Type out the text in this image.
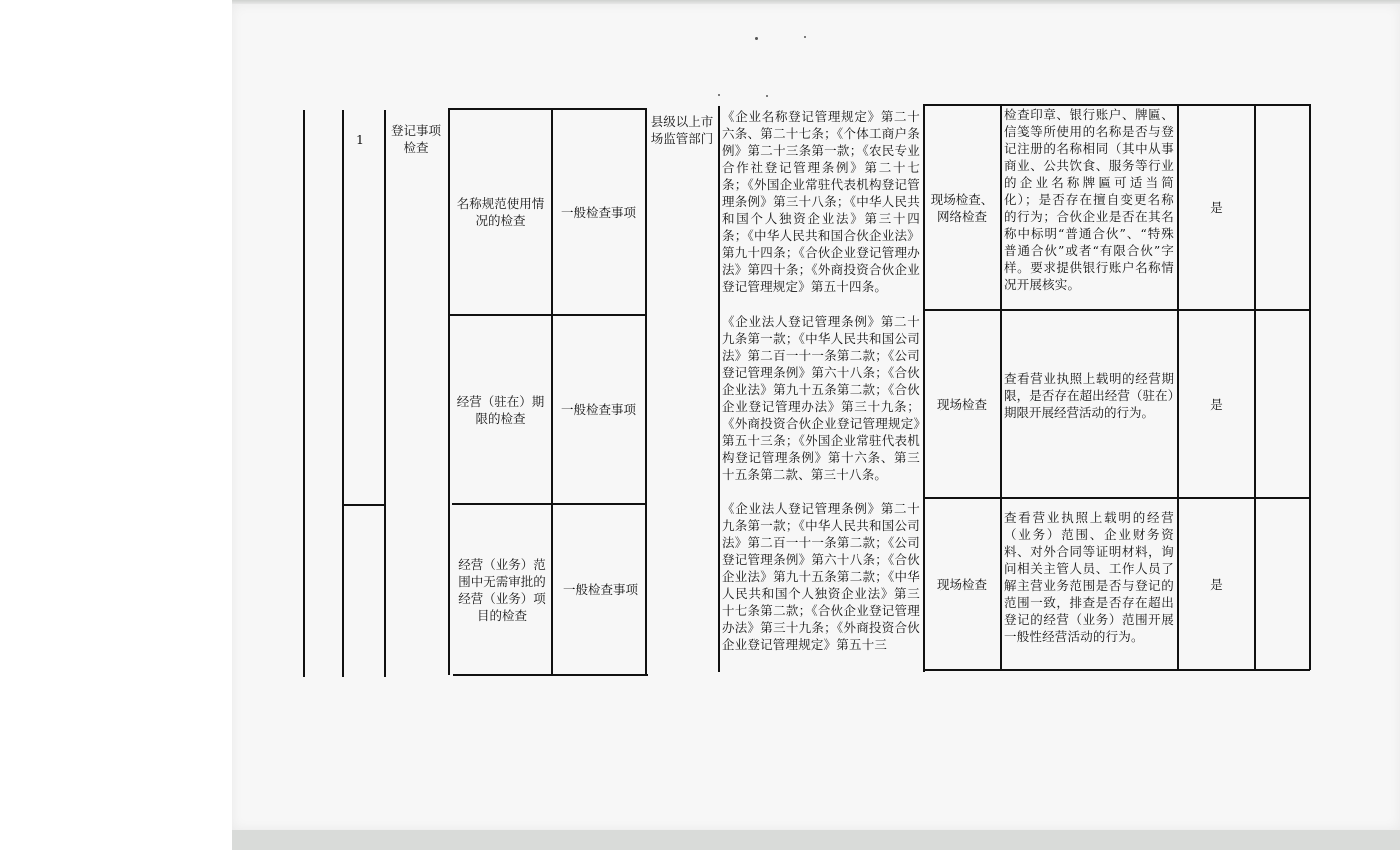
1
登记事项检查
县级以上市场监管部门
名称规范使用情况的检查
一般检查事项
《企业名称登记管理规定》第二十六条、第二十七条；《个体工商户条例》第二十三条第一款；《农民专业合作社登记管理条例》第二十七条；《外国企业常驻代表机构登记管理条例》第三十八条；《中华人民共和国个人独资企业法》第三十四条；《中华人民共和国合伙企业法》第九十四条；《合伙企业登记管理办法》第四十条；《外商投资合伙企业登记管理规定》第五十四条。
现场检查、网络检查
检查印章、银行账户、牌匾、信笺等所使用的名称是否与登记注册的名称相同（其中从事商业、公共饮食、服务等行业的企业名称牌匾可适当简化）；是否存在擅自变更名称的行为；合伙企业是否在其名称中标明“普通合伙”、“特殊普通合伙”或者“有限合伙”字样。要求提供银行账户名称情况开展核实。
是
经营（驻在）期限的检查
一般检查事项
《企业法人登记管理条例》第二十九条第一款；《中华人民共和国公司法》第二百一十一条第二款；《公司登记管理条例》第六十八条；《合伙企业法》第九十五条第二款；《合伙企业登记管理办法》第三十九条；《外商投资合伙企业登记管理规定》第五十三条；《外国企业常驻代表机构登记管理条例》第十六条、第三十五条第二款、第三十八条。
现场检查
查看营业执照上载明的经营期限，是否存在超出经营（驻在）期限开展经营活动的行为。
是
经营（业务）范围中无需审批的经营（业务）项目的检查
一般检查事项
《企业法人登记管理条例》第二十九条第一款；《中华人民共和国公司法》第二百一十一条第二款；《公司登记管理条例》第六十八条；《合伙企业法》第九十五条第二款；《中华人民共和国个人独资企业法》第三十七条第二款；《合伙企业登记管理办法》第三十九条；《外商投资合伙企业登记管理规定》第五十三
现场检查
查看营业执照上载明的经营（业务）范围、企业财务资料、对外合同等证明材料，询问相关主管人员、工作人员了解主营业务范围是否与登记的范围一致，排查是否存在超出登记的经营（业务）范围开展一般性经营活动的行为。
是
